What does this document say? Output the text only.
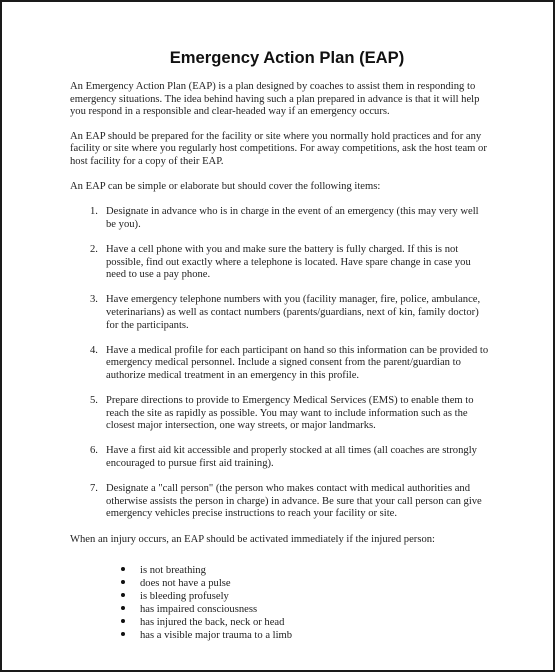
Emergency Action Plan (EAP)

An Emergency Action Plan (EAP) is a plan designed by coaches to assist them in responding to emergency situations. The idea behind having such a plan prepared in advance is that it will help you respond in a responsible and clear-headed way if an emergency occurs.

An EAP should be prepared for the facility or site where you normally hold practices and for any facility or site where you regularly host competitions. For away competitions, ask the host team or host facility for a copy of their EAP.

An EAP can be simple or elaborate but should cover the following items:

1. Designate in advance who is in charge in the event of an emergency (this may very well be you).
2. Have a cell phone with you and make sure the battery is fully charged. If this is not possible, find out exactly where a telephone is located. Have spare change in case you need to use a pay phone.
3. Have emergency telephone numbers with you (facility manager, fire, police, ambulance, veterinarians) as well as contact numbers (parents/guardians, next of kin, family doctor) for the participants.
4. Have a medical profile for each participant on hand so this information can be provided to emergency medical personnel. Include a signed consent from the parent/guardian to authorize medical treatment in an emergency in this profile.
5. Prepare directions to provide to Emergency Medical Services (EMS) to enable them to reach the site as rapidly as possible. You may want to include information such as the closest major intersection, one way streets, or major landmarks.
6. Have a first aid kit accessible and properly stocked at all times (all coaches are strongly encouraged to pursue first aid training).
7. Designate a "call person" (the person who makes contact with medical authorities and otherwise assists the person in charge) in advance. Be sure that your call person can give emergency vehicles precise instructions to reach your facility or site.

When an injury occurs, an EAP should be activated immediately if the injured person:

is not breathing
does not have a pulse
is bleeding profusely
has impaired consciousness
has injured the back, neck or head
has a visible major trauma to a limb
